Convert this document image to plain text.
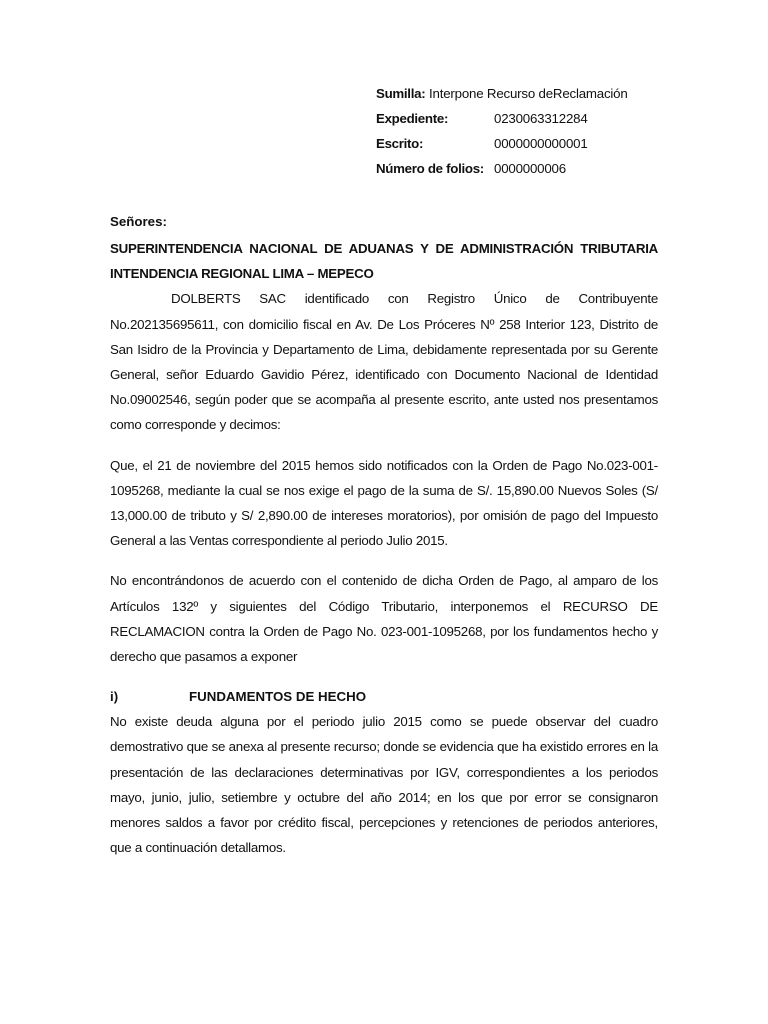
Sumilla: Interpone Recurso deReclamación
Expediente:	0230063312284
Escrito:	0000000000001
Número de folios: 0000000006
Señores:

SUPERINTENDENCIA NACIONAL DE ADUANAS Y DE ADMINISTRACIÓN TRIBUTARIA INTENDENCIA REGIONAL LIMA – MEPECO

DOLBERTS SAC identificado con Registro Único de Contribuyente No.202135695611, con domicilio fiscal en Av. De Los Próceres Nº 258 Interior 123, Distrito de San Isidro de la Provincia y Departamento de Lima, debidamente representada por su Gerente General, señor Eduardo Gavidio Pérez, identificado con Documento Nacional de Identidad No.09002546, según poder que se acompaña al presente escrito, ante usted nos presentamos como corresponde y decimos:

Que, el 21 de noviembre del 2015 hemos sido notificados con la Orden de Pago No.023-001-1095268, mediante la cual se nos exige el pago de la suma de S/. 15,890.00 Nuevos Soles (S/ 13,000.00 de tributo y S/ 2,890.00 de intereses moratorios), por omisión de pago del Impuesto General a las Ventas correspondiente al periodo Julio 2015.

No encontrándonos de acuerdo con el contenido de dicha Orden de Pago, al amparo de los Artículos 132º y siguientes del Código Tributario, interponemos el RECURSO DE RECLAMACION contra la Orden de Pago No. 023-001-1095268, por los fundamentos hecho y derecho que pasamos a exponer

i)	FUNDAMENTOS DE HECHO

No existe deuda alguna por el periodo julio 2015 como se puede observar del cuadro demostrativo que se anexa al presente recurso; donde se evidencia que ha existido errores en la presentación de las declaraciones determinativas por IGV, correspondientes a los periodos mayo, junio, julio, setiembre y octubre del año 2014; en los que por error se consignaron menores saldos a favor por crédito fiscal, percepciones y retenciones de periodos anteriores, que a continuación detallamos.
